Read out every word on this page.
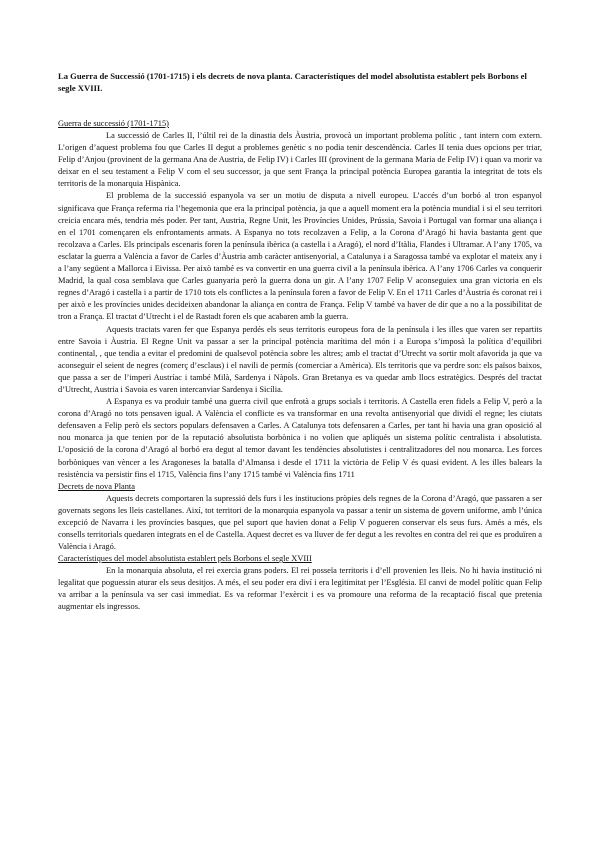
La Guerra de Successió (1701-1715) i els decrets de nova planta. Característiques del model absolutista establert pels Borbons el segle XVIII.

Guerra de successió (1701-1715)

La successió de Carles II, l’últil rei de la dinastia dels Àustria, provocà un important problema polític , tant intern com extern. L’origen d’aquest problema fou que Carles II degut a problemes genètic s no podia tenir descendència. Carles II tenia dues opcions per triar, Felip d’Anjou (provinent de la germana Ana de Austria, de Felip IV) i Carles III (provinent de la germana Maria de Felip IV) i quan va morir va deixar en el seu testament a Felip V com el seu successor, ja que sent França la principal potència Europea garantia la integritat de tots els territoris de la monarquia Hispànica.

El problema de la successió espanyola va ser un motiu de disputa a nivell europeu. L’accés d’un borbó al tron espanyol significava que França referma ria l’hegemonia que era la principal potència, ja que a aquell moment era la potència mundial i si el seu territori creicia encara més, tendria més poder. Per tant, Austria, Regne Unit, les Províncies Unides, Prússia, Savoia i Portugal van formar una aliança i en el 1701 començaren els enfrontaments armats. A Espanya no tots recolzaven a Felip, a la Corona d’Aragó hi havia bastanta gent que recolzava a Carles. Els principals escenaris foren la península ibèrica (a castella i a Aragó), el nord d’Itàlia, Flandes i Ultramar. A l’any 1705, va esclatar la guerra a València a favor de Carles d’Àustria amb caràcter antisenyorial, a Catalunya i a Saragossa també va explotar el mateix any i a l’any següent a Mallorca i Eivissa. Per això també es va convertir en una guerra civil a la península ibèrica. A l’any 1706 Carles va conquerir Madrid, la qual cosa semblava que Carles guanyaria però la guerra dona un gir. A l’any 1707 Felip V aconseguiex una gran victoria en els regnes d’Aragó i castella i a partir de 1710 tots els conflictes a la península foren a favor de Felip V. En el 1711 Carles d’Àustria és coronat rei i per això e les províncies unides decideixen abandonar la aliança en contra de França. Felip V també va haver de dir que a no a la possibilitat de tron a França. El tractat d’Utrecht i el de Rastadt foren els que acabaren amb la guerra.

Aquests tractats varen fer que Espanya perdés els seus territoris europeus fora de la península i les illes que varen ser repartits entre Savoia i Àustria. El Regne Unit va passar a ser la principal potència marítima del món i a Europa s’imposà la política d’equilibri continental, , que tendia a evitar el predomini de qualsevol potència sobre les altres; amb el tractat d’Utrecht va sortir molt afavorida ja que va aconseguir el seient de negres (comerç d’esclaus) i el navili de permís (comerciar a Amèrica). Els territoris que va perdre son: els països baixos, que passa a ser de l’imperi Austríac i també Milà, Sardenya i Nàpols. Gran Bretanya es va quedar amb llocs estratègics. Després del tractat d’Utrecht, Austria i Savoia es varen intercanviar Sardenya i Sicília.

A Espanya es va produir també una guerra civil que enfrotà a grups socials i territoris. A Castella eren fidels a Felip V, però a la corona d’Aragó no tots pensaven igual. A València el conflicte es va transformar en una revolta antisenyorial que dividí el regne; les ciutats defensaven a Felip però els sectors populars defensaven a Carles. A Catalunya tots defensaren a Carles, per tant hi havia una gran oposició al nou monarca ja que tenien por de la reputació absolutista borbònica i no volien que apliqués un sistema polític centralista i absolutista. L’oposició de la corona d’Aragó al borbó era degut al temor davant les tendències absolutistes i centralitzadores del nou monarca. Les forces borbòniques van vèncer a les Aragoneses la batalla d’Almansa i desde el 1711 la victòria de Felip V és quasi evident. A les illes balears la resistència va persistir fins el 1715, València fins l’any 1715 també vi València fins 1711

Decrets de nova Planta

Aquests decrets comportaren la supressió dels furs i les institucions pròpies dels regnes de la Corona d’Aragó, que passaren a ser governats segons les lleis castellanes. Així, tot territori de la monarquia espanyola va passar a tenir un sistema de govern uniforme, amb l’única excepció de Navarra i les províncies basques, que pel suport que havien donat a Felip V pogueren conservar els seus furs. Amés a més, els consells territorials quedaren integrats en el de Castella. Aquest decret es va lluver de fer degut a les revoltes en contra del rei que es produïren a València i Aragó.

Característiques del model absolutista establert pels Borbons el segle XVIII

En la monarquia absoluta, el rei exercia grans poders. El rei posseïa territoris i d’ell provenien les lleis. No hi havia institució ni legalitat que poguessin aturar els seus desitjos. A més, el seu poder era diví i era legitimitat per l’Església. El canvi de model polític quan Felip va arribar a la península va ser casi immediat. Es va reformar l’exèrcit i es va promoure una reforma de la recaptació fiscal que pretenia augmentar els ingressos.
